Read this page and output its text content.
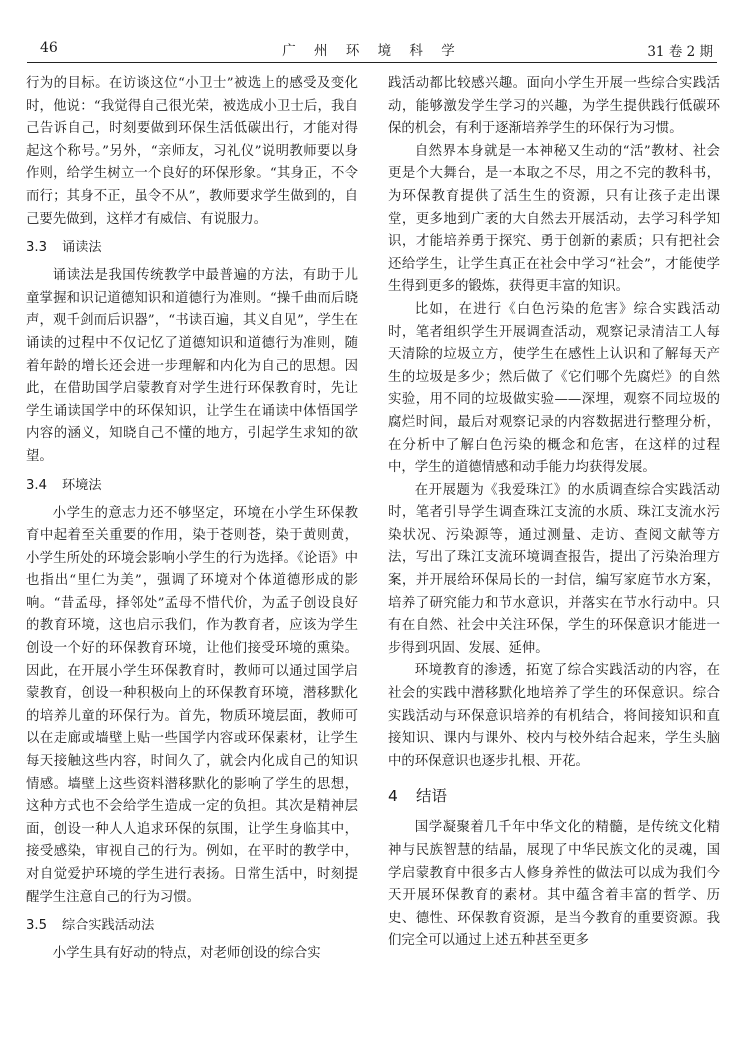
46	广 州 环 境 科 学	31 卷 2 期

行为的目标。在访谈这位“小卫士”被选上的感受及变化时，他说：“我觉得自己很光荣，被选成小卫士后，我自己告诉自己，时刻要做到环保生活低碳出行，才能对得起这个称号。”另外，“亲师友，习礼仪”说明教师要以身作则，给学生树立一个良好的环保形象。“其身正，不令而行；其身不正，虽令不从”，教师要求学生做到的，自己要先做到，这样才有威信、有说服力。

3.3 诵读法

诵读法是我国传统教学中最普遍的方法，有助于儿童掌握和识记道德知识和道德行为准则。“操千曲而后晓声，观千剑而后识器”，“书读百遍，其义自见”，学生在诵读的过程中不仅记忆了道德知识和道德行为准则，随着年龄的增长还会进一步理解和内化为自己的思想。因此，在借助国学启蒙教育对学生进行环保教育时，先让学生诵读国学中的环保知识，让学生在诵读中体悟国学内容的涵义，知晓自己不懂的地方，引起学生求知的欲望。

3.4 环境法

小学生的意志力还不够坚定，环境在小学生环保教育中起着至关重要的作用，染于苍则苍，染于黄则黄，小学生所处的环境会影响小学生的行为选择。《论语》中也指出“里仁为美”，强调了环境对个体道德形成的影响。“昔孟母，择邻处”孟母不惜代价，为孟子创设良好的教育环境，这也启示我们，作为教育者，应该为学生创设一个好的环保教育环境，让他们接受环境的熏染。因此，在开展小学生环保教育时，教师可以通过国学启蒙教育，创设一种积极向上的环保教育环境，潜移默化的培养儿童的环保行为。首先，物质环境层面，教师可以在走廊或墙壁上贴一些国学内容或环保素材，让学生每天接触这些内容，时间久了，就会内化成自己的知识情感。墙壁上这些资料潜移默化的影响了学生的思想，这种方式也不会给学生造成一定的负担。其次是精神层面，创设一种人人追求环保的氛围，让学生身临其中，接受感染，审视自己的行为。例如，在平时的教学中，对自觉爱护环境的学生进行表扬。日常生活中，时刻提醒学生注意自己的行为习惯。

3.5 综合实践活动法

小学生具有好动的特点，对老师创设的综合实

践活动都比较感兴趣。面向小学生开展一些综合实践活动，能够激发学生学习的兴趣，为学生提供践行低碳环保的机会，有利于逐渐培养学生的环保行为习惯。

自然界本身就是一本神秘又生动的“活”教材、社会更是个大舞台，是一本取之不尽，用之不完的教科书，为环保教育提供了活生生的资源，只有让孩子走出课堂，更多地到广袤的大自然去开展活动，去学习科学知识，才能培养勇于探究、勇于创新的素质；只有把社会还给学生，让学生真正在社会中学习“社会”，才能使学生得到更多的锻炼，获得更丰富的知识。

比如，在进行《白色污染的危害》综合实践活动时，笔者组织学生开展调查活动，观察记录清洁工人每天清除的垃圾立方，使学生在感性上认识和了解每天产生的垃圾是多少；然后做了《它们哪个先腐烂》的自然实验，用不同的垃圾做实验——深埋，观察不同垃圾的腐烂时间，最后对观察记录的内容数据进行整理分析，在分析中了解白色污染的概念和危害，在这样的过程中，学生的道德情感和动手能力均获得发展。

在开展题为《我爱珠江》的水质调查综合实践活动时，笔者引导学生调查珠江支流的水质、珠江支流水污染状况、污染源等，通过测量、走访、查阅文献等方法，写出了珠江支流环境调查报告，提出了污染治理方案，并开展给环保局长的一封信，编写家庭节水方案，培养了研究能力和节水意识，并落实在节水行动中。只有在自然、社会中关注环保，学生的环保意识才能进一步得到巩固、发展、延伸。

环境教育的渗透，拓宽了综合实践活动的内容，在社会的实践中潜移默化地培养了学生的环保意识。综合实践活动与环保意识培养的有机结合，将间接知识和直接知识、课内与课外、校内与校外结合起来，学生头脑中的环保意识也逐步扎根、开花。

4 结语

国学凝聚着几千年中华文化的精髓，是传统文化精神与民族智慧的结晶，展现了中华民族文化的灵魂，国学启蒙教育中很多古人修身养性的做法可以成为我们今天开展环保教育的素材。其中蕴含着丰富的哲学、历史、德性、环保教育资源，是当今教育的重要资源。我们完全可以通过上述五种甚至更多
